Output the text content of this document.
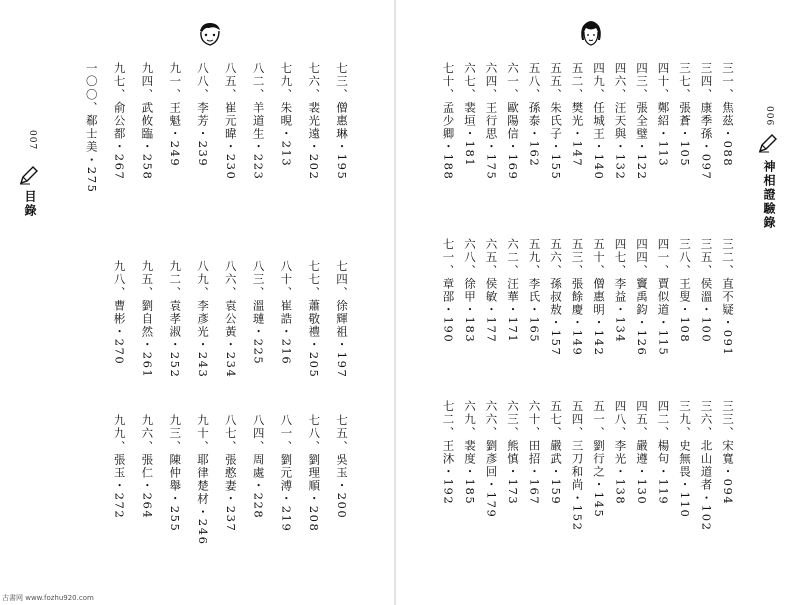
七三、僧惠琳・195
七四、徐輝祖・197
七五、吳玉・200
七六、裴光遠・202
七七、蕭敬禮・205
七八、劉理順・208
七九、朱晛・213
八十、崔誥・216
八一、劉元溥・219
八二、羊道生・223
八三、溫璉・225
八四、周處・228
八五、崔元暐・230
八六、袁公黃・234
八七、張憨妻・237
八八、李芳・239
八九、李彥光・243
九十、耶律楚材・246
九一、王魁・249
九二、袁孝淑・252
九三、陳仲舉・255
九四、武攸臨・258
九五、劉自然・261
九六、張仁・264
九七、俞公都・267
九八、曹彬・270
九九、張玉・272
一〇〇、郗士美・275
007
目錄
古書网 www.fozhu920.com
三一、焦茲・088
三二、直不疑・091
三三、宋寬・094
三四、康季孫・097
三五、侯溫・100
三六、北山道者・102
三七、張蒼・105
三八、王叟・108
三九、史無畏・110
四十、鄭紹・113
四一、賈似道・115
四二、楊句・119
四三、張全璧・122
四四、竇禹鈞・126
四五、嚴遵・130
四六、汪天與・132
四七、李益・134
四八、李光・138
四九、任城王・140
五十、僧惠明・142
五一、劉行之・145
五二、樊光・147
五三、張餘慶・149
五四、三刀和尚・152
五五、朱氏子・155
五六、孫叔敖・157
五七、嚴武・159
五八、孫泰・162
五九、李氏・165
六十、田招・167
六一、歐陽信・169
六二、汪華・171
六三、熊慎・173
六四、王行思・175
六五、侯敏・177
六六、劉彥回・179
六七、裴垣・181
六八、徐甲・183
六九、裴度・185
七十、孟少卿・188
七一、章邵・190
七二、王沐・192
006
神相證驗錄
